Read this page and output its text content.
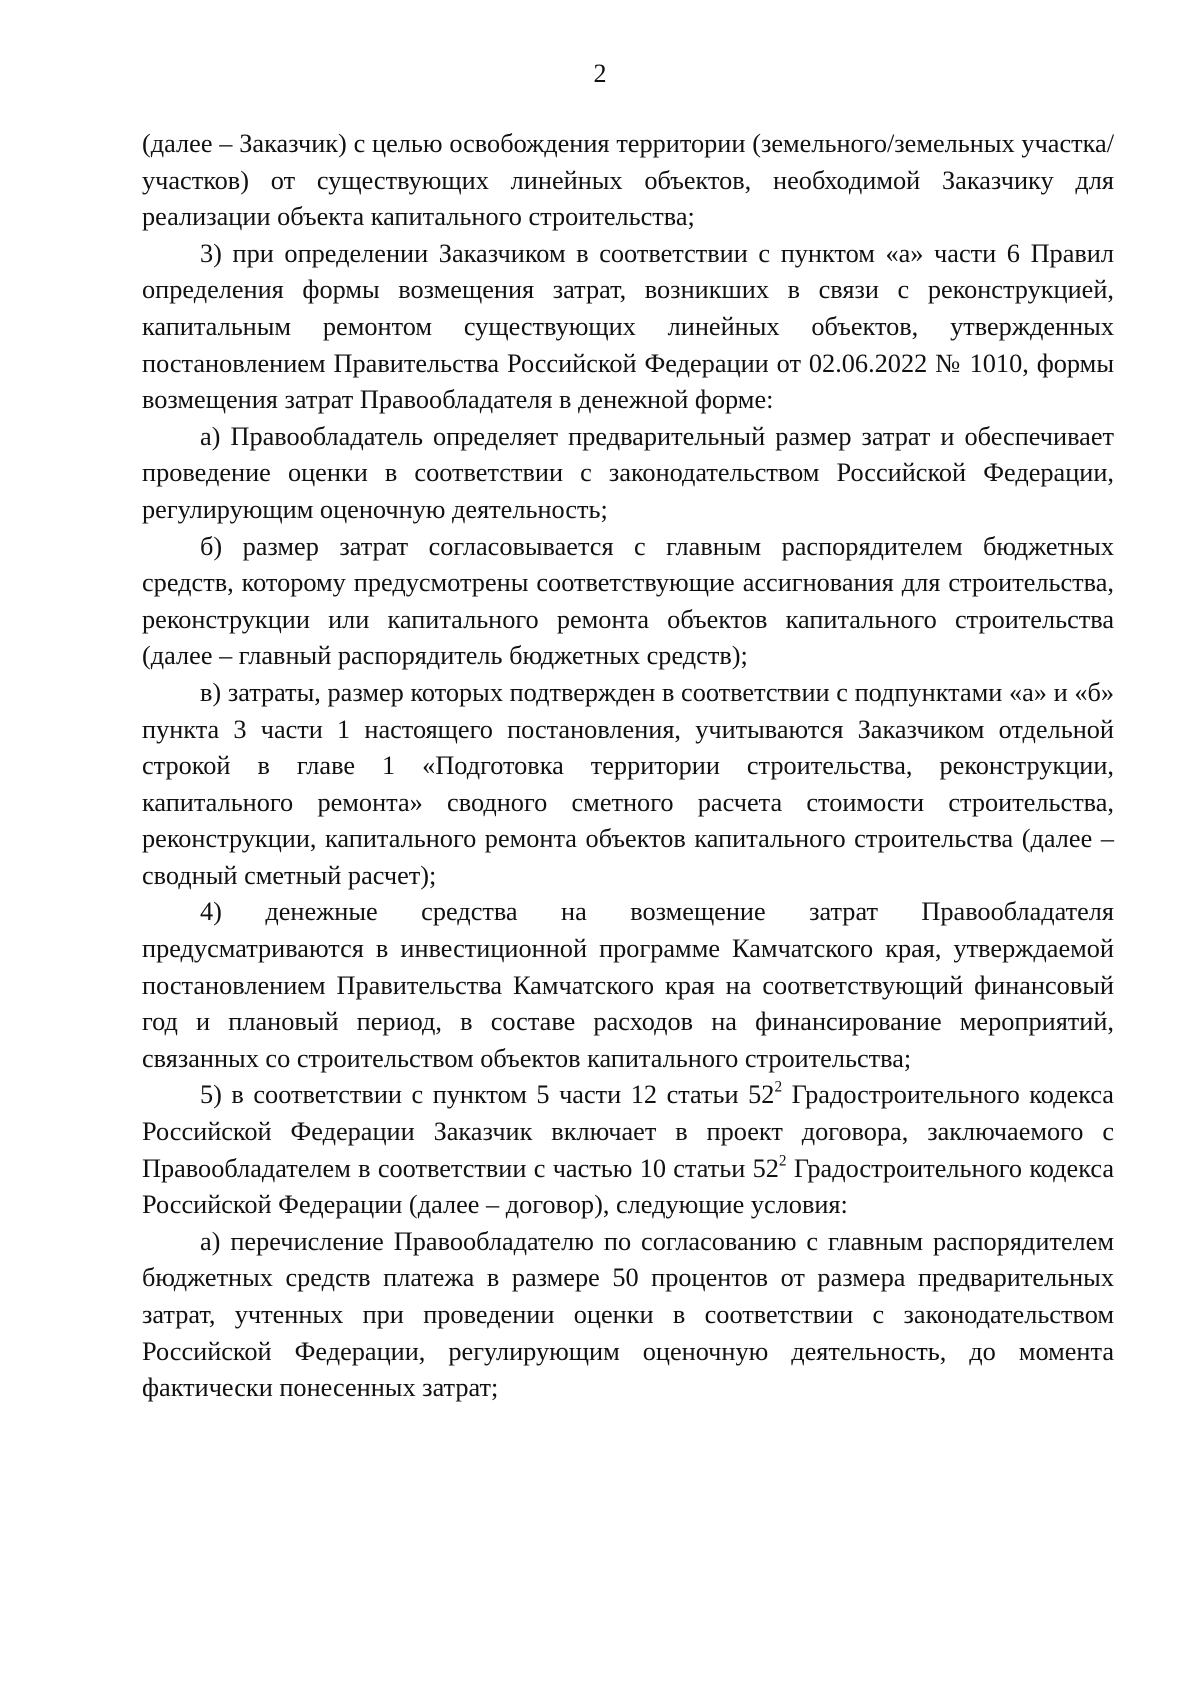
2

(далее – Заказчик) с целью освобождения территории (земельного/земельных участка/участков) от существующих линейных объектов, необходимой Заказчику для реализации объекта капитального строительства;

3) при определении Заказчиком в соответствии с пунктом «а» части 6 Правил определения формы возмещения затрат, возникших в связи с реконструкцией, капитальным ремонтом существующих линейных объектов, утвержденных постановлением Правительства Российской Федерации от 02.06.2022 № 1010, формы возмещения затрат Правообладателя в денежной форме:

а) Правообладатель определяет предварительный размер затрат и обеспечивает проведение оценки в соответствии с законодательством Российской Федерации, регулирующим оценочную деятельность;

б) размер затрат согласовывается с главным распорядителем бюджетных средств, которому предусмотрены соответствующие ассигнования для строительства, реконструкции или капитального ремонта объектов капитального строительства (далее – главный распорядитель бюджетных средств);

в) затраты, размер которых подтвержден в соответствии с подпунктами «а» и «б» пункта 3 части 1 настоящего постановления, учитываются Заказчиком отдельной строкой в главе 1 «Подготовка территории строительства, реконструкции, капитального ремонта» сводного сметного расчета стоимости строительства, реконструкции, капитального ремонта объектов капитального строительства (далее – сводный сметный расчет);

4) денежные средства на возмещение затрат Правообладателя предусматриваются в инвестиционной программе Камчатского края, утверждаемой постановлением Правительства Камчатского края на соответствующий финансовый год и плановый период, в составе расходов на финансирование мероприятий, связанных со строительством объектов капитального строительства;

5) в соответствии с пунктом 5 части 12 статьи $52^2$ Градостроительного кодекса Российской Федерации Заказчик включает в проект договора, заключаемого с Правообладателем в соответствии с частью 10 статьи $52^2$ Градостроительного кодекса Российской Федерации (далее – договор), следующие условия:

а) перечисление Правообладателю по согласованию с главным распорядителем бюджетных средств платежа в размере 50 процентов от размера предварительных затрат, учтенных при проведении оценки в соответствии с законодательством Российской Федерации, регулирующим оценочную деятельность, до момента фактически понесенных затрат;
